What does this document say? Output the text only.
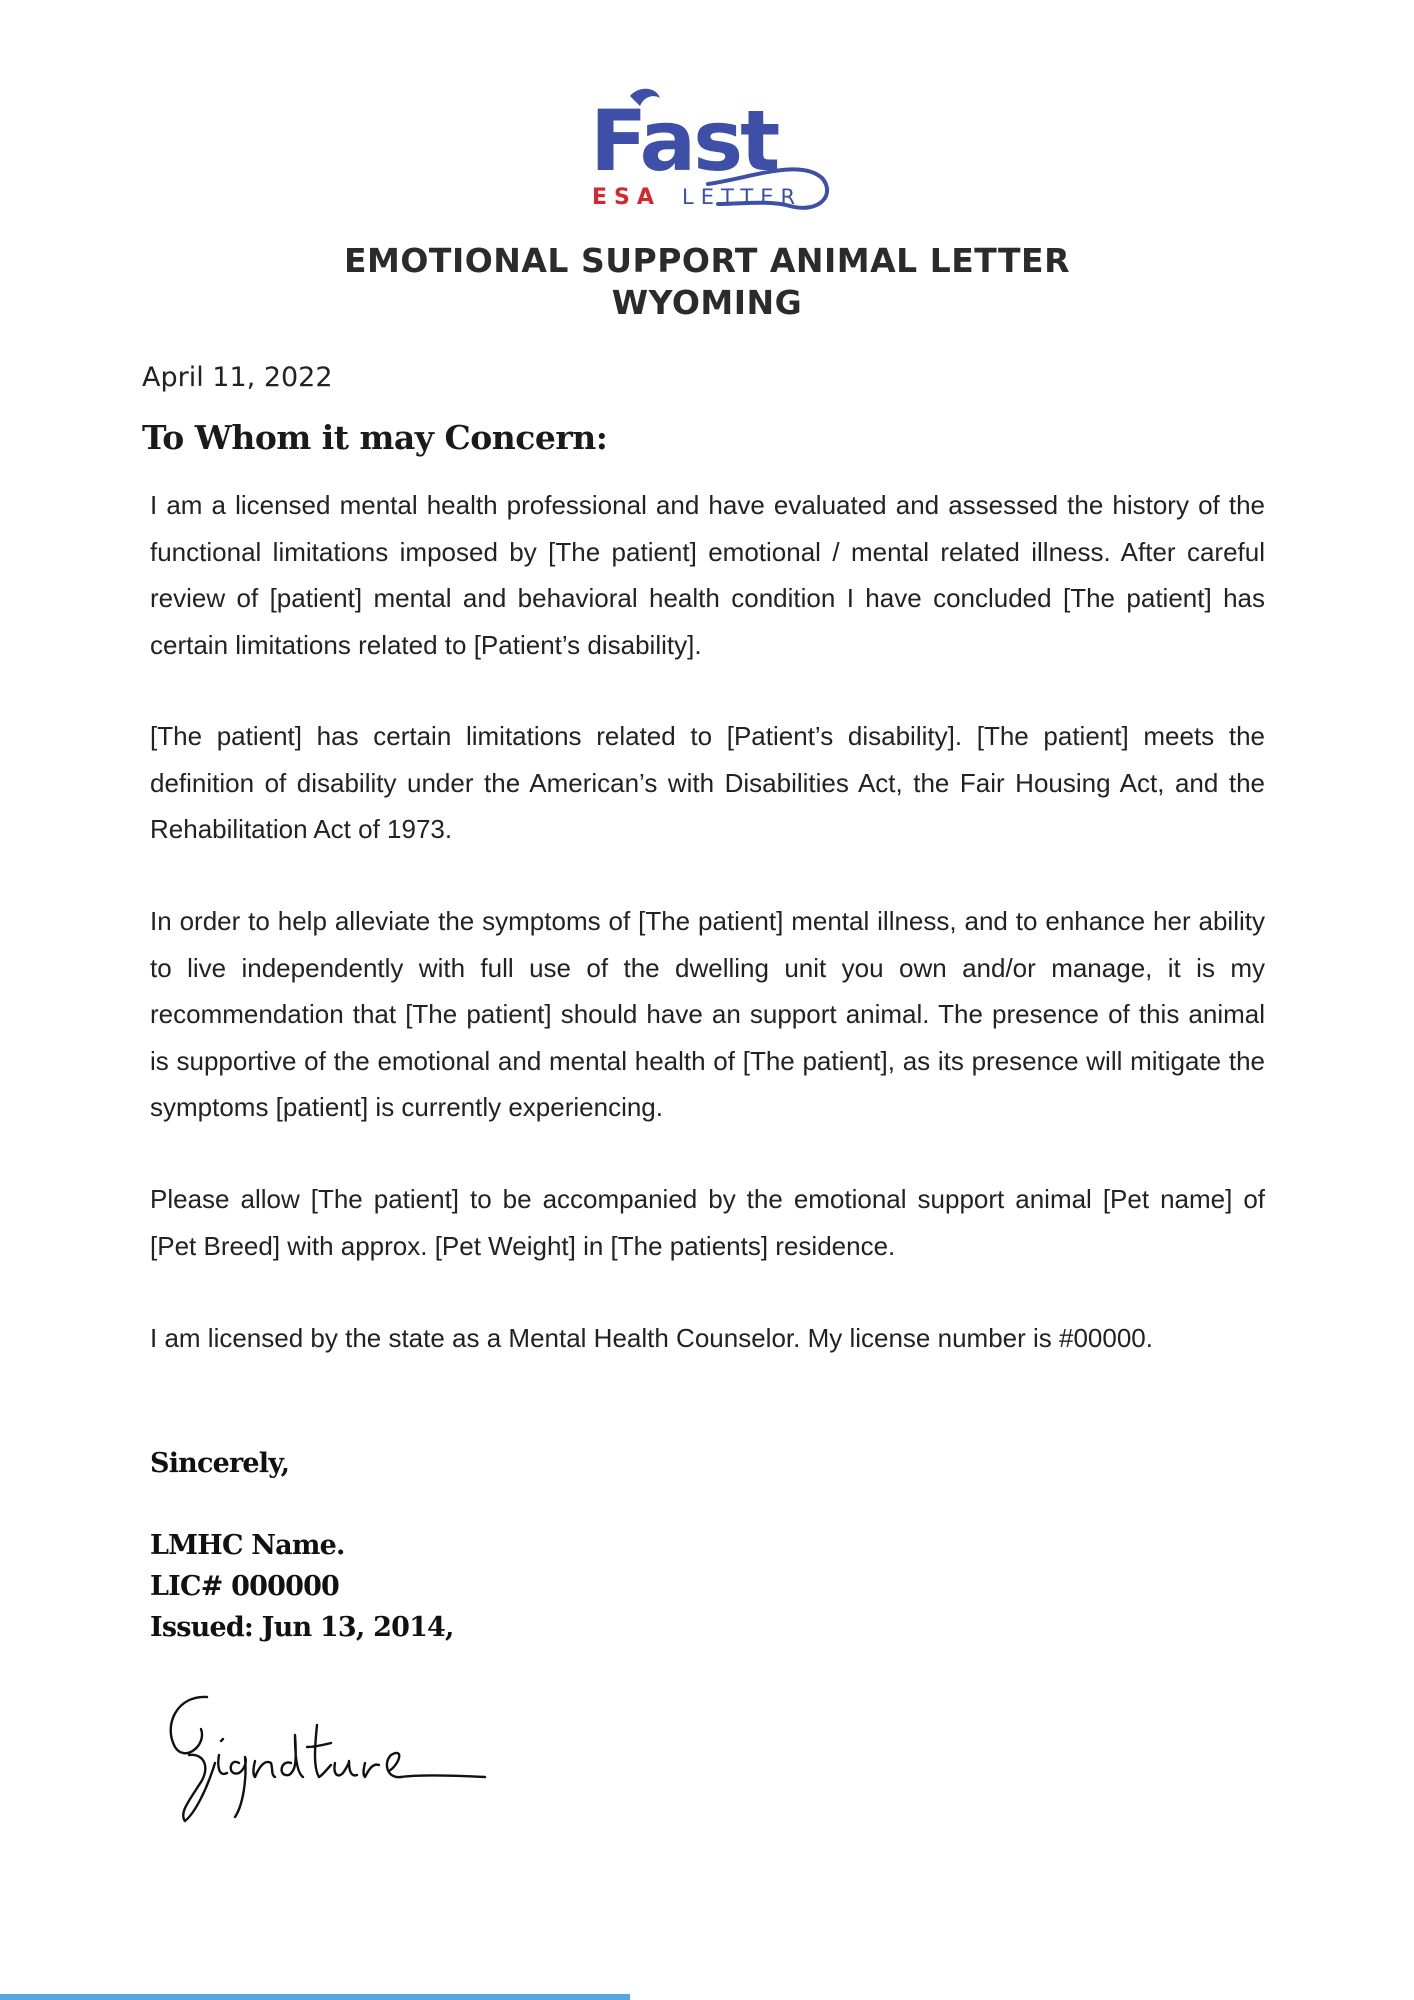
Fast
ESA LETTER
EMOTIONAL SUPPORT ANIMAL LETTER
WYOMING
April 11, 2022
To Whom it may Concern:

I am a licensed mental health professional and have evaluated and assessed the history of the functional limitations imposed by [The patient] emotional / mental related illness. After careful review of [patient] mental and behavioral health condition I have concluded [The patient] has certain limitations related to [Patient’s disability].

[The patient] has certain limitations related to [Patient’s disability]. [The patient] meets the definition of disability under the American’s with Disabilities Act, the Fair Housing Act, and the Rehabilitation Act of 1973.

In order to help alleviate the symptoms of [The patient] mental illness, and to enhance her ability to live independently with full use of the dwelling unit you own and/or manage, it is my recommendation that [The patient] should have an support animal. The presence of this animal is supportive of the emotional and mental health of [The patient], as its presence will mitigate the symptoms [patient] is currently experiencing.

Please allow [The patient] to be accompanied by the emotional support animal [Pet name] of [Pet Breed] with approx. [Pet Weight] in [The patients] residence.

I am licensed by the state as a Mental Health Counselor. My license number is #00000.

Sincerely,
LMHC Name.
LIC# 000000
Issued: Jun 13, 2014,
Signature
